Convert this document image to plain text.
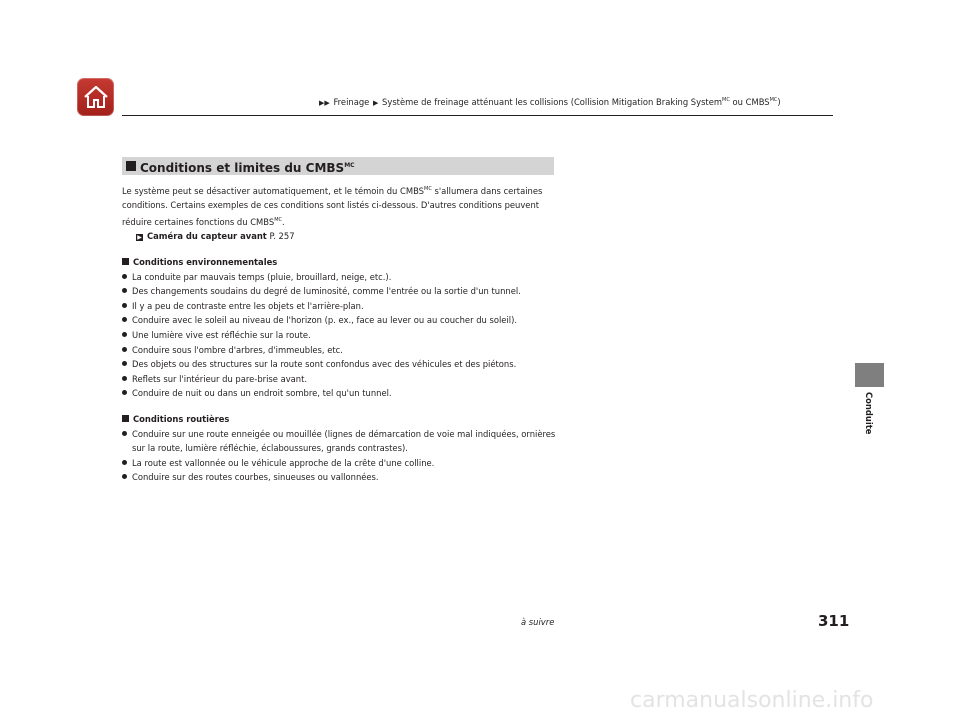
▶▶ Freinage ▶ Système de freinage atténuant les collisions (Collision Mitigation Braking System$^{MC}$ ou $CMBS^{MC}$)
Conditions et limites du $CMBS^{MC}$

Le système peut se désactiver automatiquement, et le témoin du $CMBS^{MC}$ s'allumera dans certaines conditions. Certains exemples de ces conditions sont listés ci-dessous. D'autres conditions peuvent réduire certaines fonctions du $CMBS^{MC}$.

▶ Caméra du capteur avant P. 257

Conditions environnementales

La conduite par mauvais temps (pluie, brouillard, neige, etc.).
Des changements soudains du degré de luminosité, comme l'entrée ou la sortie d'un tunnel.
Il y a peu de contraste entre les objets et l'arrière-plan.
Conduire avec le soleil au niveau de l'horizon (p. ex., face au lever ou au coucher du soleil).
Une lumière vive est réfléchie sur la route.
Conduire sous l'ombre d'arbres, d'immeubles, etc.
Des objets ou des structures sur la route sont confondus avec des véhicules et des piétons.
Reflets sur l'intérieur du pare-brise avant.
Conduire de nuit ou dans un endroit sombre, tel qu'un tunnel.

Conditions routières

Conduire sur une route enneigée ou mouillée (lignes de démarcation de voie mal indiquées, ornières sur la route, lumière réfléchie, éclaboussures, grands contrastes).
La route est vallonnée ou le véhicule approche de la crête d'une colline.
Conduire sur des routes courbes, sinueuses ou vallonnées.
Conduite
à suivre	311
carmanualsonline.info
